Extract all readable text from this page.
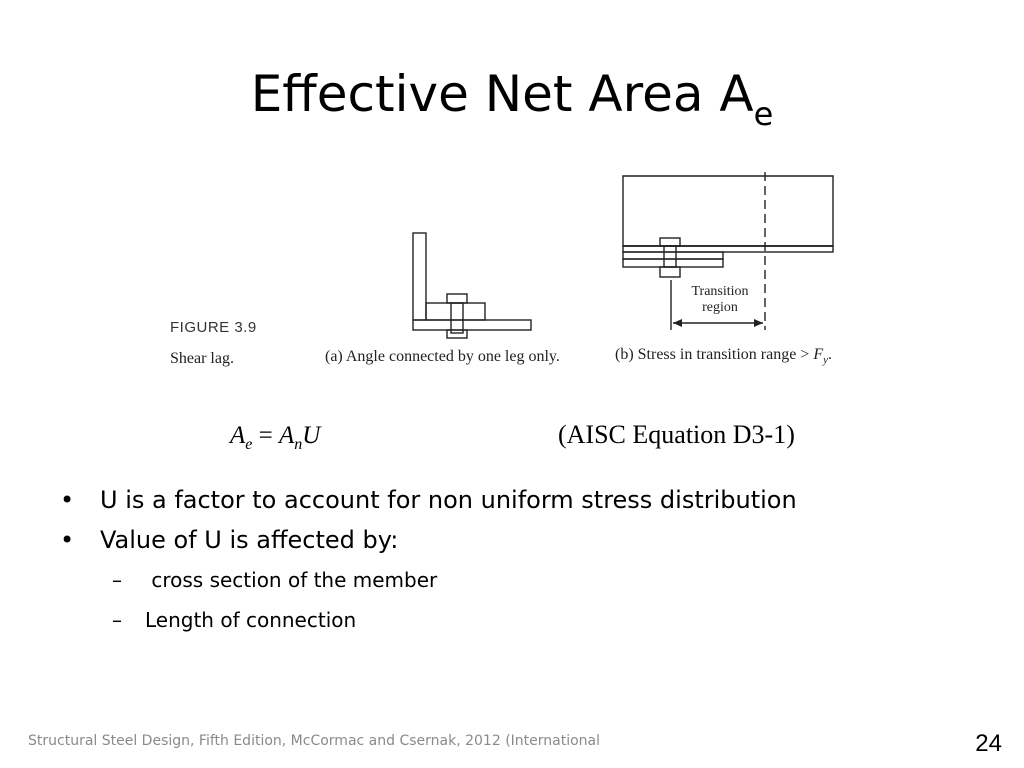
Effective Net Area $A_e$
Transition
region
FIGURE 3.9
Shear lag.	(a) Angle connected by one leg only.	(b) Stress in transition range > $F_y$.
$A_e = A_nU$	(AISC Equation D3-1)
• U is a factor to account for non uniform stress distribution
• Value of U is affected by:
– cross section of the member
– Length of connection
Structural Steel Design, Fifth Edition, McCormac and Csernak, 2012 (International	24
